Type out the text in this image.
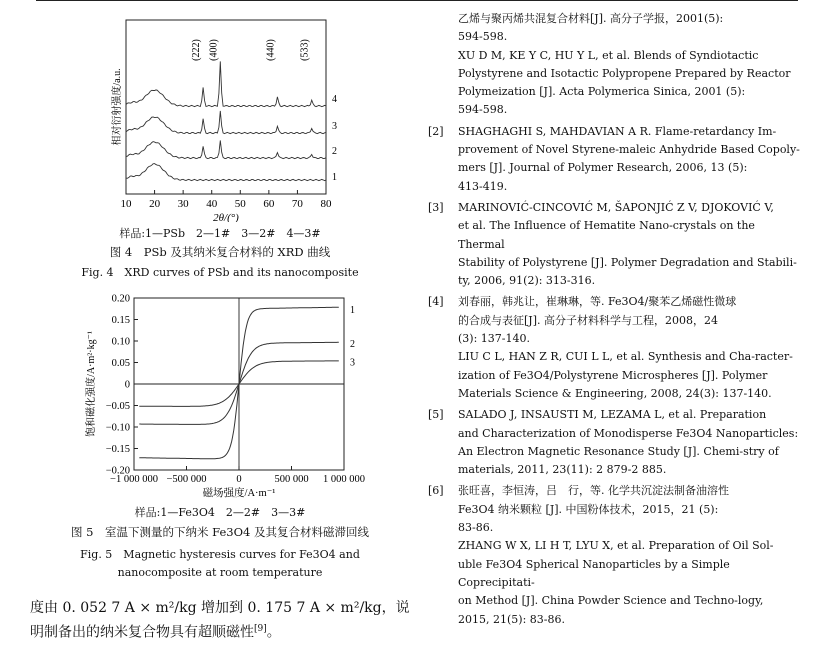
10 20 30 40 50 60 70 80
2θ/(°)
相对衍射强度/a.u.
1
2
3
4
(222) (400)	(440) (533)
样品:1—PSb　2—1#　3—2#　4—3#
图 4　PSb 及其纳米复合材料的 XRD 曲线
Fig. 4　XRD curves of PSb and its nanocomposite
−1 000 000 −500 000	0	500 000 1 000 000
0.20
0.15
0.10
0.05
0
−0.05
−0.10
−0.15
−0.20
磁场强度/A·m⁻¹
饱和磁化强度/A·m²·kg⁻¹
1
2
3
样品:1—Fe3O4　2—2#　3—3#
图 5　室温下测量的下纳米 Fe3O4 及其复合材料磁滞回线
Fig. 5　Magnetic hysteresis curves for Fe3O4 and
nanocomposite at room temperature
度由 0. 052 7 A × m²/kg 增加到 0. 175 7 A × m²/kg，说
明制备出的纳米复合物具有超顺磁性[9]。

乙烯与聚丙烯共混复合材料[J]. 高分子学报，2001(5):

594-598.

XU D M, KE Y C, HU Y L, et al. Blends of Syndiotactic

Polystyrene and Isotactic Polypropene Prepared by Reactor

Polymeization [J]. Acta Polymerica Sinica, 2001 (5):

594-598.

[2]	SHAGHAGHI S, MAHDAVIAN A R. Flame-retardancy Im-

provement of Novel Styrene-maleic Anhydride Based Copoly-

mers [J]. Journal of Polymer Research, 2006, 13 (5):

413-419.

[3]	MARINOVIĆ-CINCOVIĆ M, ŠAPONJIĆ Z V, DJOKOVIĆ V,

et al. The Influence of Hematite Nano-crystals on the Thermal

Stability of Polystyrene [J]. Polymer Degradation and Stabili-

ty, 2006, 91(2): 313-316.

[4]	刘春丽，韩兆让，崔琳琳，等. Fe3O4/聚苯乙烯磁性微球

的合成与表征[J]. 高分子材料科学与工程，2008，24

(3): 137-140.

LIU C L, HAN Z R, CUI L L, et al. Synthesis and Cha-racter-

ization of Fe3O4/Polystyrene Microspheres [J]. Polymer

Materials Science & Engineering, 2008, 24(3): 137-140.

[5]	SALADO J, INSAUSTI M, LEZAMA L, et al. Preparation

and Characterization of Monodisperse Fe3O4 Nanoparticles:

An Electron Magnetic Resonance Study [J]. Chemi-stry of

materials, 2011, 23(11): 2 879-2 885.

[6]	张旺喜，李恒涛，吕　行，等. 化学共沉淀法制备油溶性

Fe3O4 纳米颗粒 [J]. 中国粉体技术，2015，21 (5):

83-86.

ZHANG W X, LI H T, LYU X, et al. Preparation of Oil Sol-

uble Fe3O4 Spherical Nanoparticles by a Simple Coprecipitati-

on Method [J]. China Powder Science and Techno-logy,

2015, 21(5): 83-86.
